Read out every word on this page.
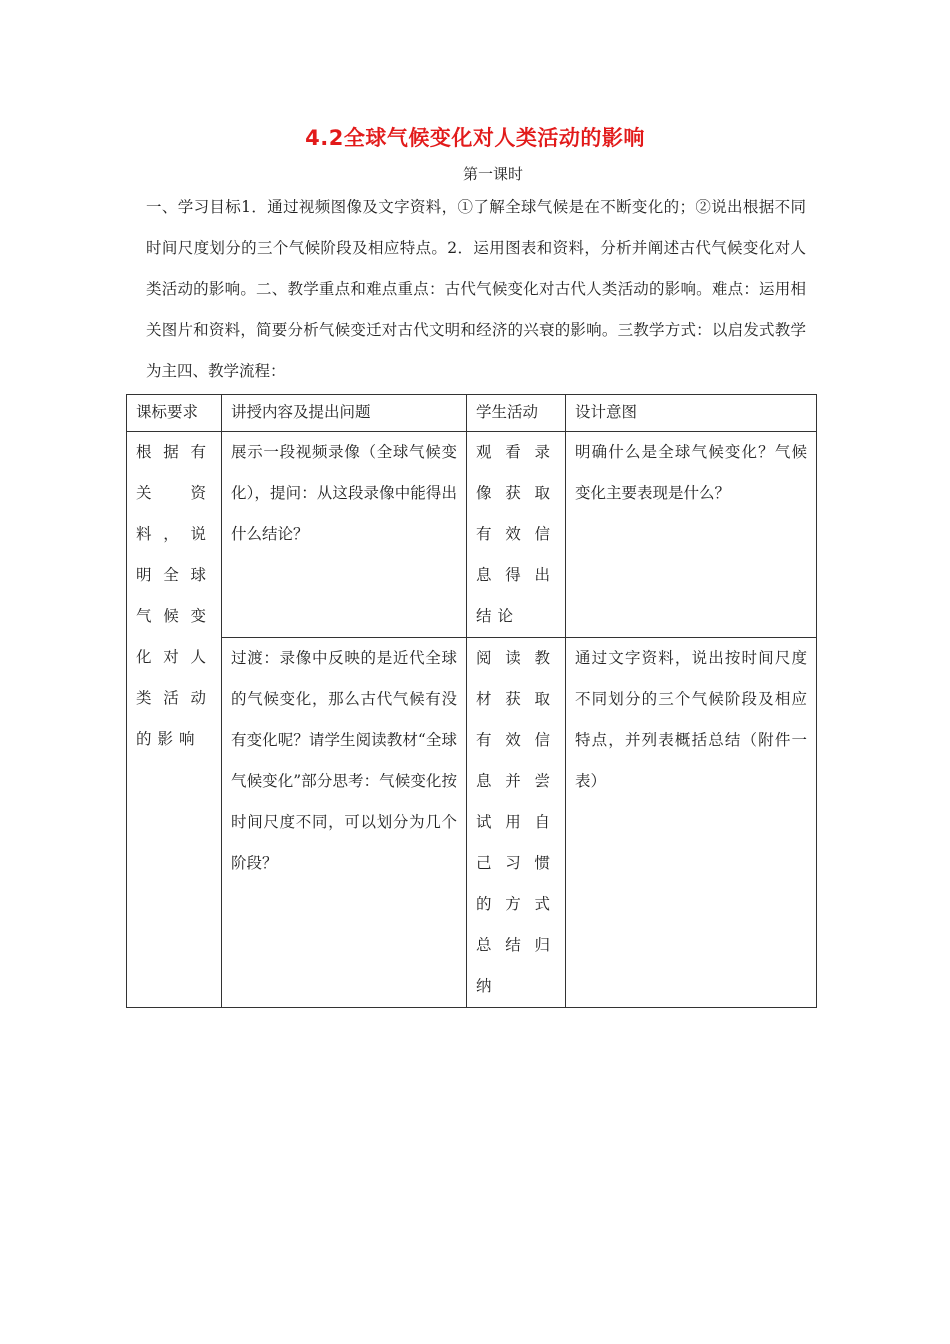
4.2全球气候变化对人类活动的影响
第一课时
一、学习目标1．通过视频图像及文字资料，①了解全球气候是在不断变化的；②说出根据不同时间尺度划分的三个气候阶段及相应特点。2．运用图表和资料，分析并阐述古代气候变化对人类活动的影响。二、教学重点和难点重点：古代气候变化对古代人类活动的影响。难点：运用相关图片和资料，简要分析气候变迁对古代文明和经济的兴衰的影响。三教学方式：以启发式教学为主四、教学流程：
课标要求	讲授内容及提出问题	学生活动	设计意图
根据有关资料，说明全球气候变化对人类活动的影响	展示一段视频录像（全球气候变化），提问：从这段录像中能得出什么结论？	观看录像获取有效信息得出结论	明确什么是全球气候变化？气候变化主要表现是什么？
	过渡：录像中反映的是近代全球的气候变化，那么古代气候有没有变化呢？请学生阅读教材“全球气候变化”部分思考：气候变化按时间尺度不同，可以划分为几个阶段？	阅读教材获取有效信息并尝试用自己习惯的方式总结归纳	通过文字资料，说出按时间尺度不同划分的三个气候阶段及相应特点，并列表概括总结（附件一表）
